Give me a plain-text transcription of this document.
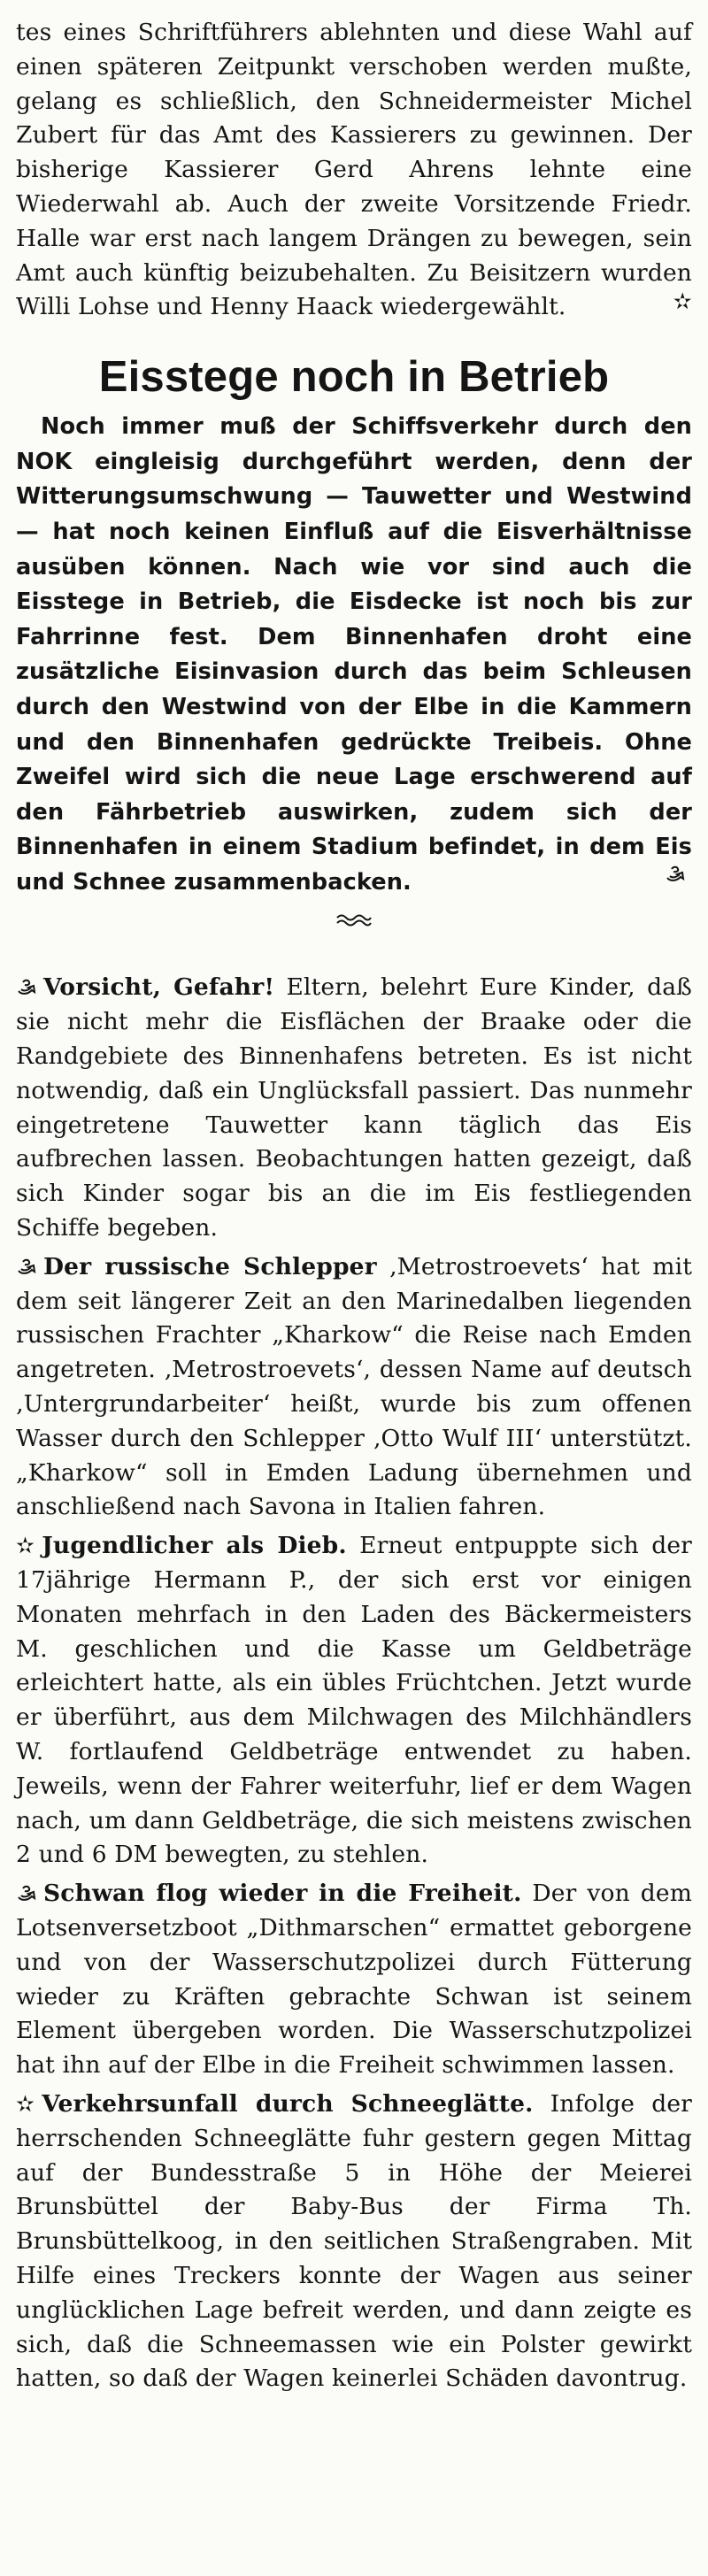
tes eines Schriftführers ablehnten und diese Wahl auf einen späteren Zeitpunkt verschoben werden mußte, gelang es schließlich, den Schneidermeister Michel Zubert für das Amt des Kassierers zu gewinnen. Der bisherige Kassierer Gerd Ahrens lehnte eine Wiederwahl ab. Auch der zweite Vorsitzende Friedr. Halle war erst nach langem Drängen zu bewegen, sein Amt auch künftig beizubehalten. Zu Beisitzern wurden Willi Lohse und Henny Haack wiedergewählt.	✫

Eisstege noch in Betrieb

Noch immer muß der Schiffsverkehr durch den NOK eingleisig durchgeführt werden, denn der Witterungsumschwung — Tauwetter und Westwind — hat noch keinen Einfluß auf die Eisverhältnisse ausüben können. Nach wie vor sind auch die Eisstege in Betrieb, die Eisdecke ist noch bis zur Fahrrinne fest. Dem Binnenhafen droht eine zusätzliche Eisinvasion durch das beim Schleusen durch den Westwind von der Elbe in die Kammern und den Binnenhafen gedrückte Treibeis. Ohne Zweifel wird sich die neue Lage erschwerend auf den Fährbetrieb auswirken, zudem sich der Binnenhafen in einem Stadium befindet, in dem Eis und Schnee zusammenbacken.

Vorsicht, Gefahr! Eltern, belehrt Eure Kinder, daß sie nicht mehr die Eisflächen der Braake oder die Randgebiete des Binnenhafens betreten. Es ist nicht notwendig, daß ein Unglücksfall passiert. Das nunmehr eingetretene Tauwetter kann täglich das Eis aufbrechen lassen. Beobachtungen hatten gezeigt, daß sich Kinder sogar bis an die im Eis festliegenden Schiffe begeben.

Der russische Schlepper ‚Metrostroevets‘ hat mit dem seit längerer Zeit an den Marinedalben liegenden russischen Frachter „Kharkow“ die Reise nach Emden angetreten. ‚Metrostroevets‘, dessen Name auf deutsch ‚Untergrundarbeiter‘ heißt, wurde bis zum offenen Wasser durch den Schlepper ‚Otto Wulf III‘ unterstützt. „Kharkow“ soll in Emden Ladung übernehmen und anschließend nach Savona in Italien fahren.

✫ Jugendlicher als Dieb. Erneut entpuppte sich der 17jährige Hermann P., der sich erst vor einigen Monaten mehrfach in den Laden des Bäckermeisters M. geschlichen und die Kasse um Geldbeträge erleichtert hatte, als ein übles Früchtchen. Jetzt wurde er überführt, aus dem Milchwagen des Milchhändlers W. fortlaufend Geldbeträge entwendet zu haben. Jeweils, wenn der Fahrer weiterfuhr, lief er dem Wagen nach, um dann Geldbeträge, die sich meistens zwischen 2 und 6 DM bewegten, zu stehlen.

Schwan flog wieder in die Freiheit. Der von dem Lotsenversetzboot „Dithmarschen“ ermattet geborgene und von der Wasserschutzpolizei durch Fütterung wieder zu Kräften gebrachte Schwan ist seinem Element übergeben worden. Die Wasserschutzpolizei hat ihn auf der Elbe in die Freiheit schwimmen lassen.

✫ Verkehrsunfall durch Schneeglätte. Infolge der herrschenden Schneeglätte fuhr gestern gegen Mittag auf der Bundesstraße 5 in Höhe der Meierei Brunsbüttel der Baby-Bus der Firma Th. Brunsbüttelkoog, in den seitlichen Straßengraben. Mit Hilfe eines Treckers konnte der Wagen aus seiner unglücklichen Lage befreit werden, und dann zeigte es sich, daß die Schneemassen wie ein Polster gewirkt hatten, so daß der Wagen keinerlei Schäden davontrug.
